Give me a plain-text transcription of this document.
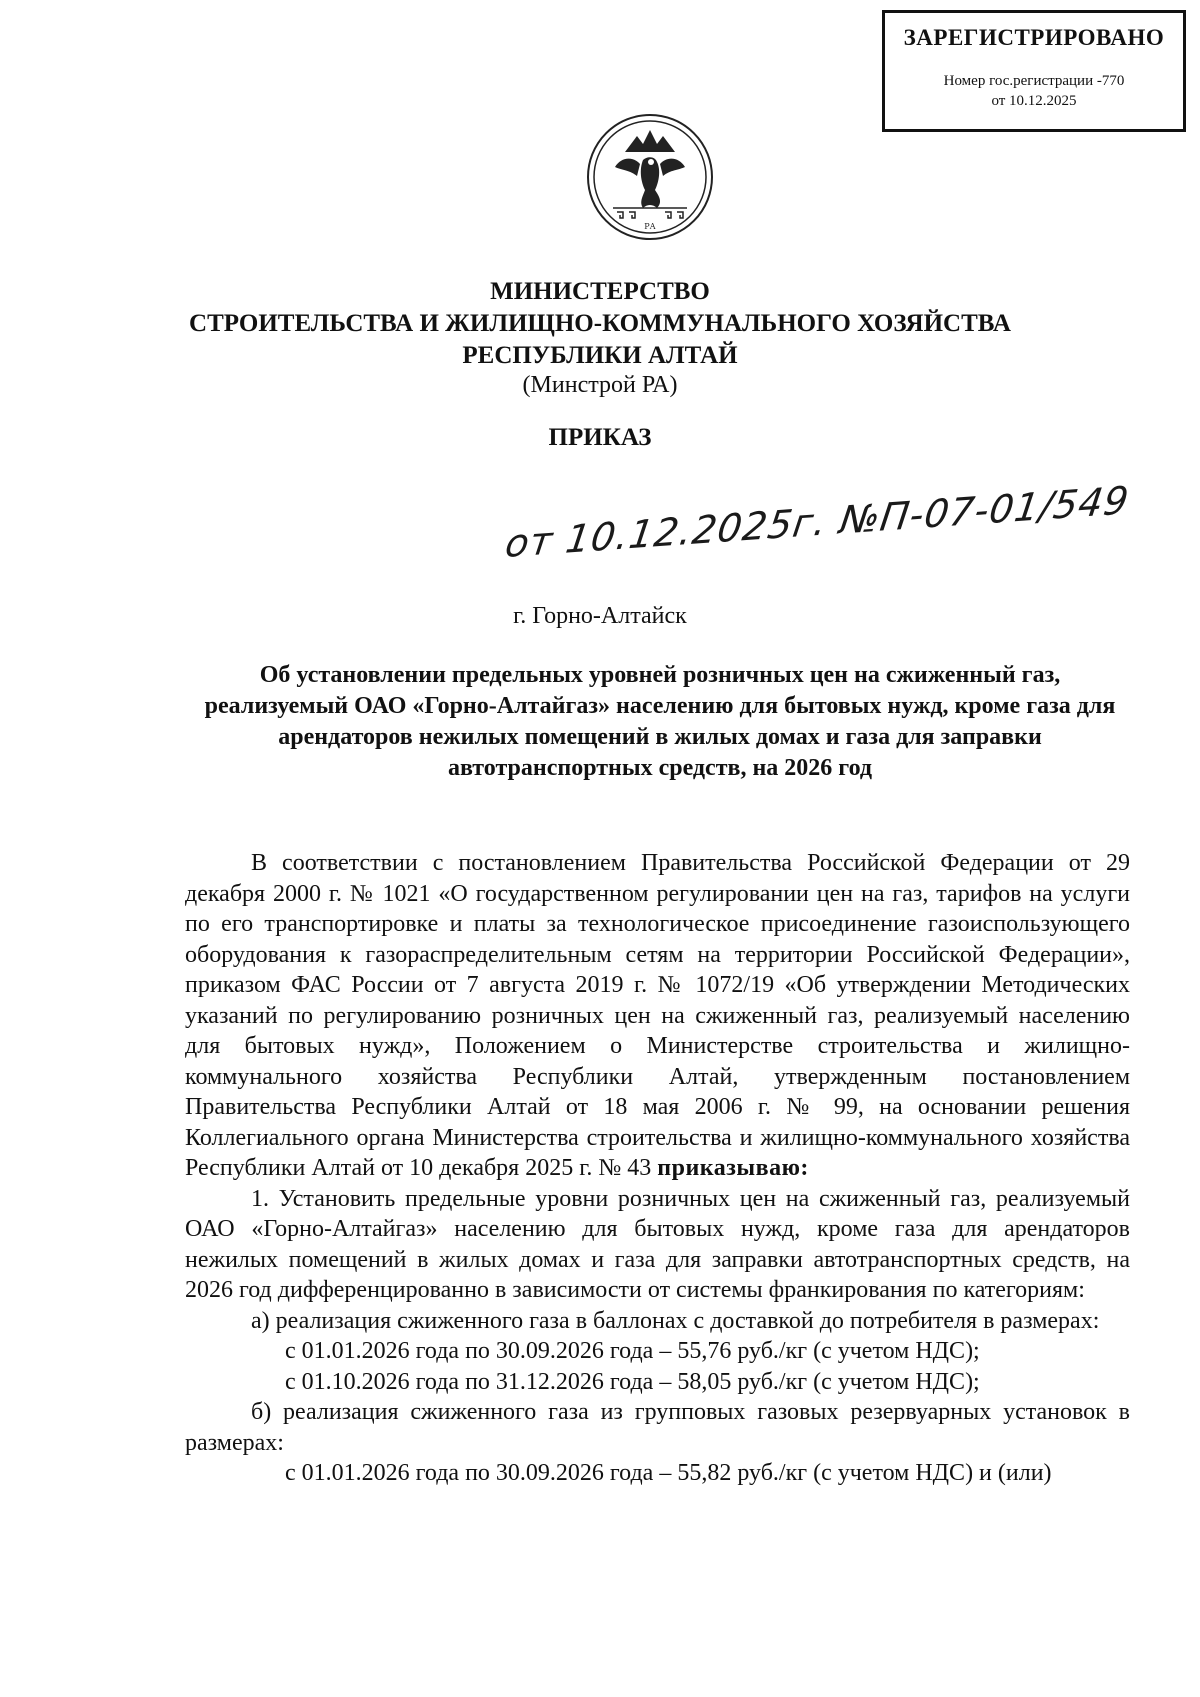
ЗАРЕГИСТРИРОВАНО
Номер гос.регистрации -770
от 10.12.2025
РА
МИНИСТЕРСТВО
СТРОИТЕЛЬСТВА И ЖИЛИЩНО-КОММУНАЛЬНОГО ХОЗЯЙСТВА
РЕСПУБЛИКИ АЛТАЙ
(Минстрой РА)
ПРИКАЗ
от 10.12.2025г. №П-07-01/549
г. Горно-Алтайск
Об установлении предельных уровней розничных цен на сжиженный газ, реализуемый ОАО «Горно-Алтайгаз» населению для бытовых нужд, кроме газа для арендаторов нежилых помещений в жилых домах и газа для заправки автотранспортных средств, на 2026 год

В соответствии с постановлением Правительства Российской Федерации от 29 декабря 2000 г. № 1021 «О государственном регулировании цен на газ, тарифов на услуги по его транспортировке и платы за технологическое присоединение газоиспользующего оборудования к газораспределительным сетям на территории Российской Федерации», приказом ФАС России от 7 августа 2019 г. № 1072/19 «Об утверждении Методических указаний по регулированию розничных цен на сжиженный газ, реализуемый населению для бытовых нужд», Положением о Министерстве строительства и жилищно-коммунального хозяйства Республики Алтай, утвержденным постановлением Правительства Республики Алтай от 18 мая 2006 г. № 99, на основании решения Коллегиального органа Министерства строительства и жилищно-коммунального хозяйства Республики Алтай от 10 декабря 2025 г. № 43 приказываю:

1. Установить предельные уровни розничных цен на сжиженный газ, реализуемый ОАО «Горно-Алтайгаз» населению для бытовых нужд, кроме газа для арендаторов нежилых помещений в жилых домах и газа для заправки автотранспортных средств, на 2026 год дифференцированно в зависимости от системы франкирования по категориям:

а) реализация сжиженного газа в баллонах с доставкой до потребителя в размерах:

с 01.01.2026 года по 30.09.2026 года – 55,76 руб./кг (с учетом НДС);

с 01.10.2026 года по 31.12.2026 года – 58,05 руб./кг (с учетом НДС);

б) реализация сжиженного газа из групповых газовых резервуарных установок в размерах:

с 01.01.2026 года по 30.09.2026 года – 55,82 руб./кг (с учетом НДС) и (или)
